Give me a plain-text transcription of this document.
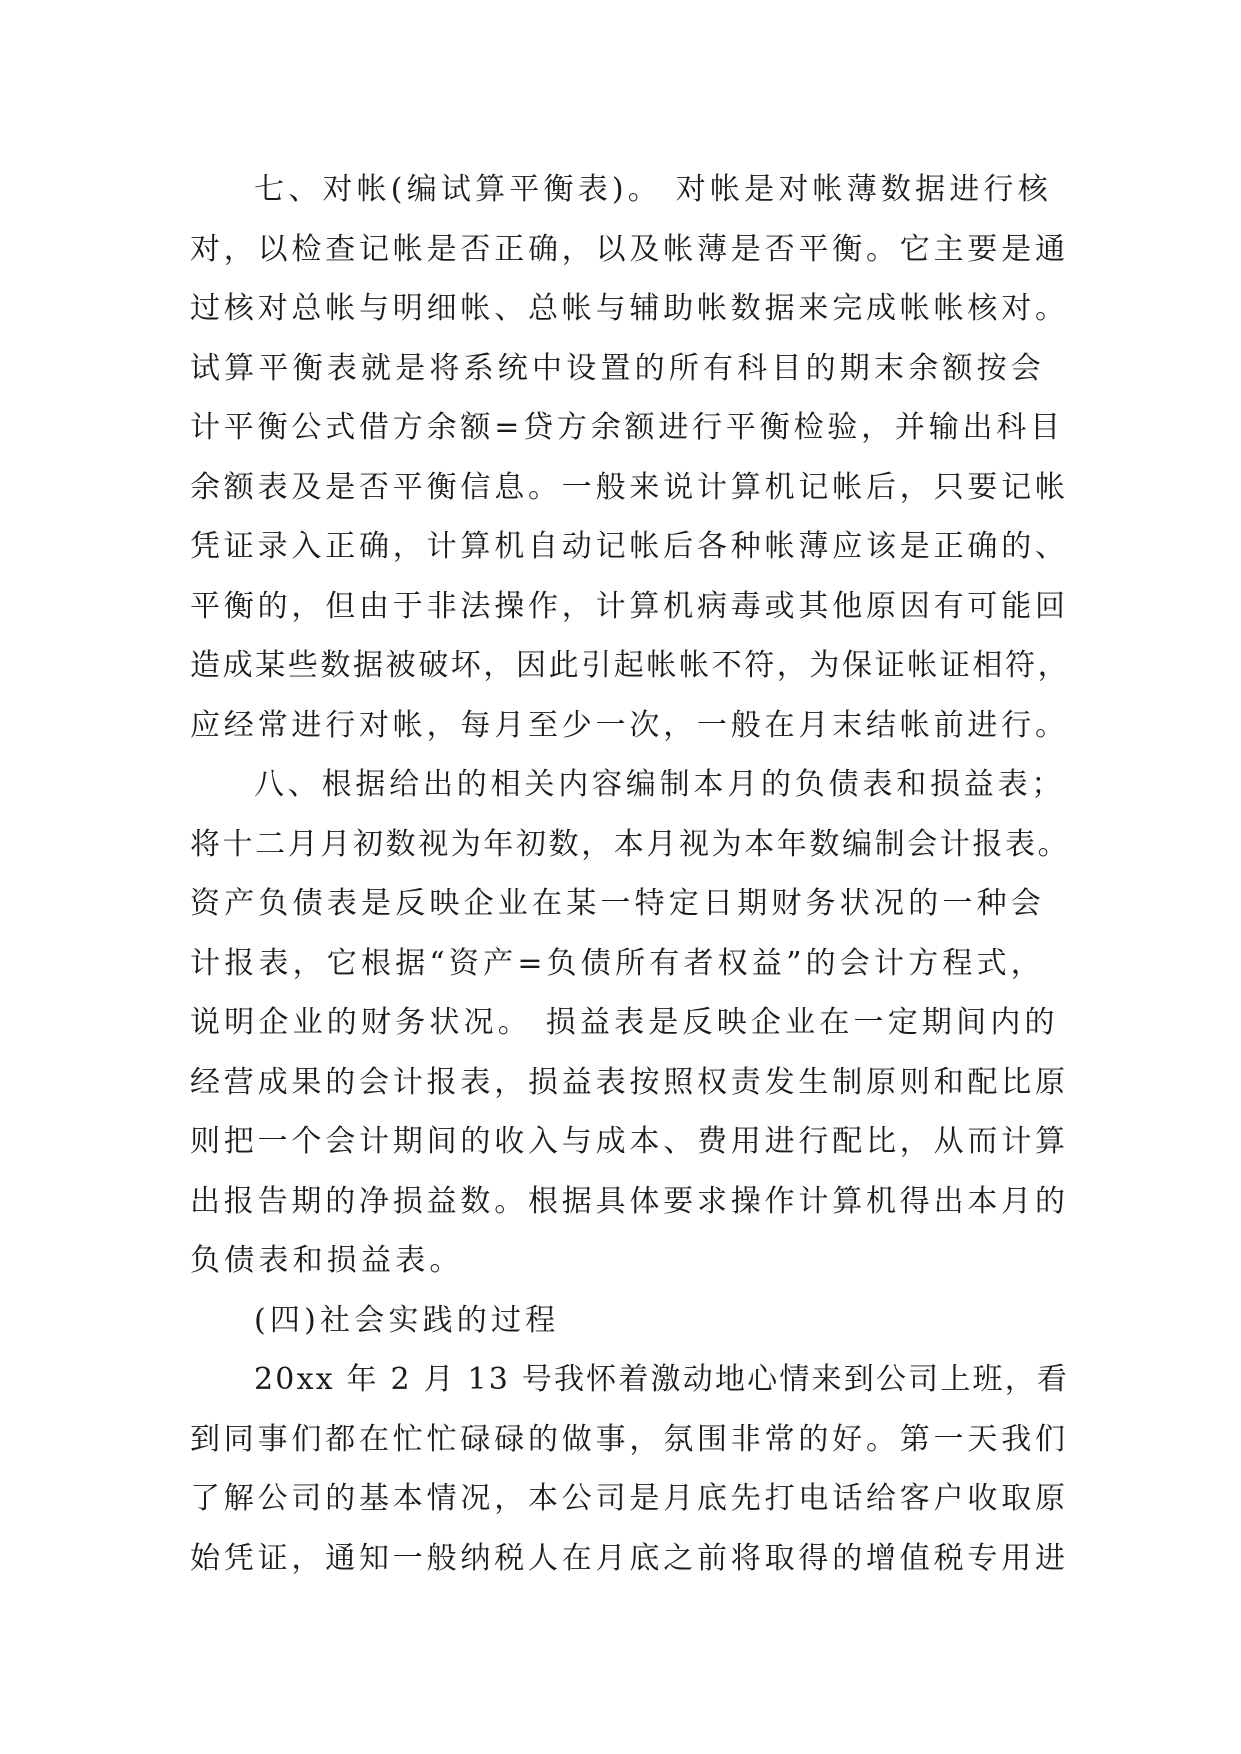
七、对帐(编试算平衡表)。 对帐是对帐薄数据进行核
对，以检查记帐是否正确，以及帐薄是否平衡。它主要是通
过核对总帐与明细帐、总帐与辅助帐数据来完成帐帐核对。
试算平衡表就是将系统中设置的所有科目的期末余额按会
计平衡公式借方余额=贷方余额进行平衡检验，并输出科目
余额表及是否平衡信息。一般来说计算机记帐后，只要记帐
凭证录入正确，计算机自动记帐后各种帐薄应该是正确的、
平衡的，但由于非法操作，计算机病毒或其他原因有可能回
造成某些数据被破坏，因此引起帐帐不符，为保证帐证相符，
应经常进行对帐，每月至少一次，一般在月末结帐前进行。
八、根据给出的相关内容编制本月的负债表和损益表；
将十二月月初数视为年初数，本月视为本年数编制会计报表。
资产负债表是反映企业在某一特定日期财务状况的一种会
计报表，它根据“资产=负债所有者权益”的会计方程式，
说明企业的财务状况。 损益表是反映企业在一定期间内的
经营成果的会计报表，损益表按照权责发生制原则和配比原
则把一个会计期间的收入与成本、费用进行配比，从而计算
出报告期的净损益数。根据具体要求操作计算机得出本月的
负债表和损益表。
(四)社会实践的过程
20xx 年 2 月 13 号我怀着激动地心情来到公司上班，看
到同事们都在忙忙碌碌的做事，氛围非常的好。第一天我们
了解公司的基本情况，本公司是月底先打电话给客户收取原
始凭证，通知一般纳税人在月底之前将取得的增值税专用进
